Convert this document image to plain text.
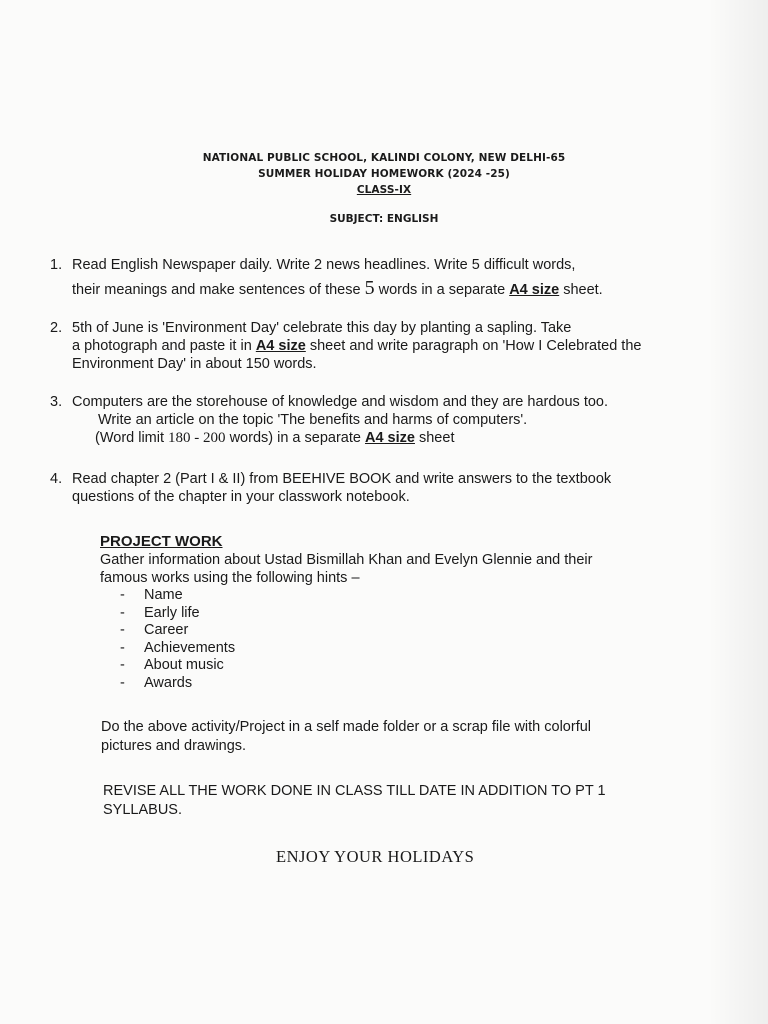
NATIONAL PUBLIC SCHOOL, KALINDI COLONY, NEW DELHI-65
SUMMER HOLIDAY HOMEWORK (2024 -25)
CLASS-IX
SUBJECT: ENGLISH
1. Read English Newspaper daily. Write 2 news headlines. Write 5 difficult words,
their meanings and make sentences of these 5 words in a separate A4 size sheet.
2. 5th of June is 'Environment Day' celebrate this day by planting a sapling. Take
a photograph and paste it in A4 size sheet and write paragraph on 'How I Celebrated the
Environment Day' in about 150 words.
3. Computers are the storehouse of knowledge and wisdom and they are hardous too.
Write an article on the topic 'The benefits and harms of computers'.
(Word limit 180 - 200 words) in a separate A4 size sheet
4. Read chapter 2 (Part I & II) from BEEHIVE BOOK and write answers to the textbook
questions of the chapter in your classwork notebook.
PROJECT WORK
Gather information about Ustad Bismillah Khan and Evelyn Glennie and their
famous works using the following hints –
- Name
- Early life
- Career
- Achievements
- About music
- Awards
Do the above activity/Project in a self made folder or a scrap file with colorful
pictures and drawings.
REVISE ALL THE WORK DONE IN CLASS TILL DATE IN ADDITION TO PT 1
SYLLABUS.
ENJOY YOUR HOLIDAYS
